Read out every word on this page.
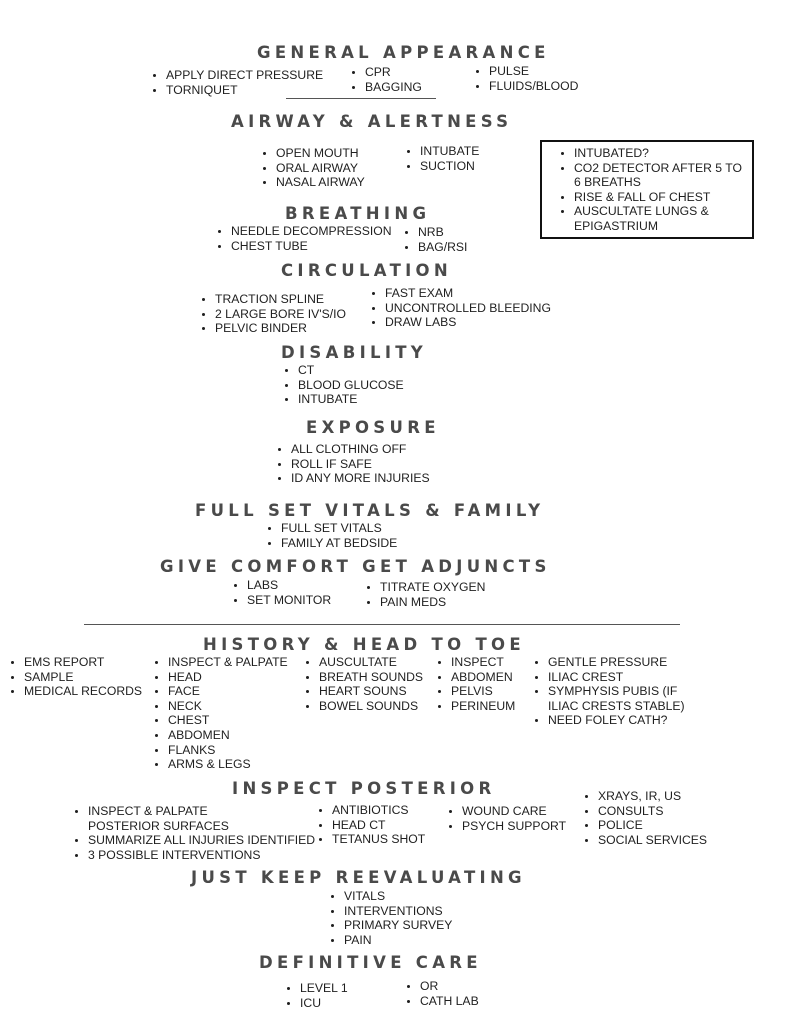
GENERAL APPEARANCE
• APPLY DIRECT PRESSURE
• TORNIQUET
• CPR
• BAGGING
• PULSE
• FLUIDS/BLOOD
AIRWAY & ALERTNESS
• OPEN MOUTH
• ORAL AIRWAY
• NASAL AIRWAY
• INTUBATE
• SUCTION
• INTUBATED?
• CO2 DETECTOR AFTER 5 TO
6 BREATHS
• RISE & FALL OF CHEST
• AUSCULTATE LUNGS &
EPIGASTRIUM
BREATHING
• NEEDLE DECOMPRESSION
• CHEST TUBE
• NRB
• BAG/RSI
CIRCULATION
• TRACTION SPLINE
• 2 LARGE BORE IV'S/IO
• PELVIC BINDER
• FAST EXAM
• UNCONTROLLED BLEEDING
• DRAW LABS
DISABILITY
• CT
• BLOOD GLUCOSE
• INTUBATE
EXPOSURE
• ALL CLOTHING OFF
• ROLL IF SAFE
• ID ANY MORE INJURIES
FULL SET VITALS & FAMILY
• FULL SET VITALS
• FAMILY AT BEDSIDE
GIVE COMFORT GET ADJUNCTS
• LABS
• SET MONITOR
• TITRATE OXYGEN
• PAIN MEDS
HISTORY & HEAD TO TOE
• EMS REPORT
• SAMPLE
• MEDICAL RECORDS
• INSPECT & PALPATE
• HEAD
• FACE
• NECK
• CHEST
• ABDOMEN
• FLANKS
• ARMS & LEGS
• AUSCULTATE
• BREATH SOUNDS
• HEART SOUNS
• BOWEL SOUNDS
• INSPECT
• ABDOMEN
• PELVIS
• PERINEUM
• GENTLE PRESSURE
• ILIAC CREST
• SYMPHYSIS PUBIS (IF
ILIAC CRESTS STABLE)
• NEED FOLEY CATH?
INSPECT POSTERIOR
• INSPECT & PALPATE
POSTERIOR SURFACES
• SUMMARIZE ALL INJURIES IDENTIFIED
• 3 POSSIBLE INTERVENTIONS
• ANTIBIOTICS
• HEAD CT
• TETANUS SHOT
• WOUND CARE
• PSYCH SUPPORT
• XRAYS, IR, US
• CONSULTS
• POLICE
• SOCIAL SERVICES
JUST KEEP REEVALUATING
• VITALS
• INTERVENTIONS
• PRIMARY SURVEY
• PAIN
DEFINITIVE CARE
• LEVEL 1
• ICU
• OR
• CATH LAB
